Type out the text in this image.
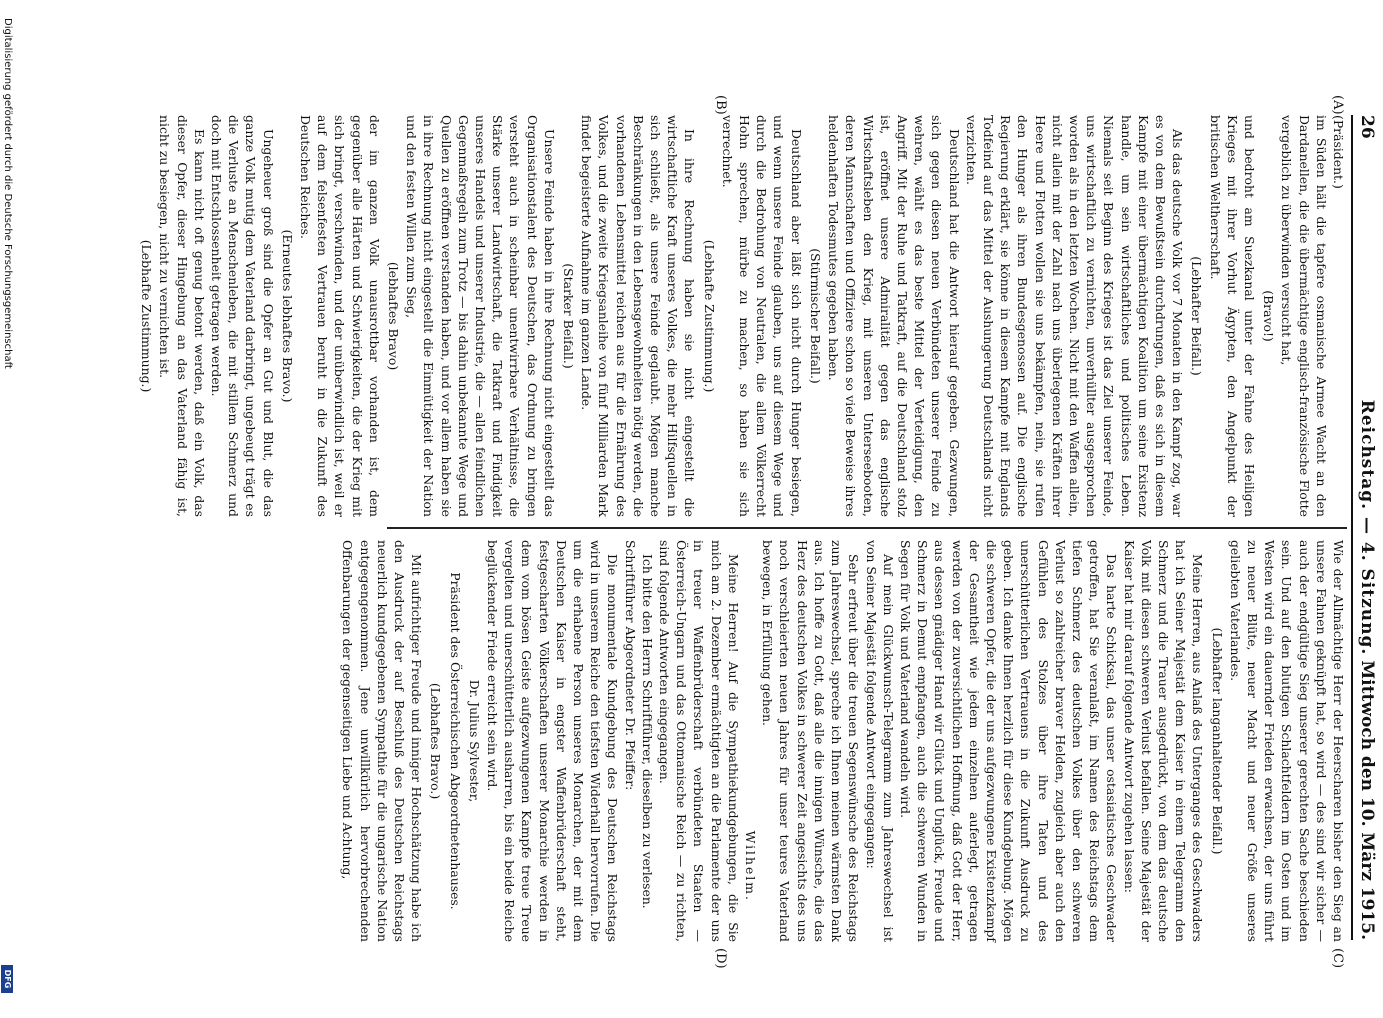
26
Reichstag. — 4. Sitzung.
Mittwoch den 10. März 1915.
(A)
(B)
(C)
(D)

(Präsident.)

im Süden hält die tapfere osmanische Armee Wacht an den Dardanellen, die die übermächtige englisch-französische Flotte vergeblich zu überwinden versucht hat,

(Bravo!)

und bedroht am Suezkanal unter der Fahne des Heiligen Krieges mit ihrer Vorhut Ägypten, den Angelpunkt der britischen Weltherrschaft.

(Lebhafter Beifall.)

Als das deutsche Volk vor 7 Monaten in den Kampf zog, war es von dem Bewußtsein durchdrungen, daß es sich in diesem Kampfe mit einer übermächtigen Koalition um seine Existenz handle, um sein wirtschaftliches und politisches Leben. Niemals seit Beginn des Krieges ist das Ziel unserer Feinde, uns wirtschaftlich zu vernichten, unverhüllter ausgesprochen worden als in den letzten Wochen. Nicht mit den Waffen allein, nicht allein mit der Zahl nach uns überlegenen Kräften ihrer Heere und Flotten wollen sie uns bekämpfen, nein, sie rufen den Hunger als ihren Bundesgenossen auf. Die englische Regierung erklärt, sie könne in diesem Kampfe mit Englands Todfeind auf das Mittel der Aushungerung Deutschlands nicht verzichten.

Deutschland hat die Antwort hierauf gegeben. Gezwungen, sich gegen diesen neuen Verbündeten unserer Feinde zu wehren, wählt es das beste Mittel der Verteidigung, den Angriff. Mit der Ruhe und Tatkraft, auf die Deutschland stolz ist, eröffnet unsere Admiralität gegen das englische Wirtschaftsleben den Krieg, mit unseren Unterseebooten, deren Mannschaften und Offiziere schon so viele Beweise ihres heldenhaften Todesmutes gegeben haben.

(Stürmischer Beifall.)

Deutschland aber läßt sich nicht durch Hunger besiegen, und wenn unsere Feinde glauben, uns auf diesem Wege und durch die Bedrohung von Neutralen, die allem Völkerrecht Hohn sprechen, mürbe zu machen, so haben sie sich verrechnet.

(Lebhafte Zustimmung.)

In ihre Rechnung haben sie nicht eingestellt die wirtschaftliche Kraft unseres Volkes, die mehr Hilfsquellen in sich schließt, als unsere Feinde geglaubt. Mögen manche Beschränkungen in den Lebensgewohnheiten nötig werden, die vorhandenen Lebensmittel reichen aus für die Ernährung des Volkes, und die zweite Kriegsanleihe von fünf Milliarden Mark findet begeisterte Aufnahme im ganzen Lande.

(Starker Beifall.)

Unsere Feinde haben in ihre Rechnung nicht eingestellt das Organisationstalent des Deutschen, das Ordnung zu bringen versteht auch in scheinbar unentwirrbare Verhältnisse, die Stärke unserer Landwirtschaft, die Tatkraft und Findigkeit unseres Handels und unserer Industrie, die — allen feindlichen Gegenmaßregeln zum Trotz — bis dahin unbekannte Wege und Quellen zu eröffnen verstanden haben, und vor allem haben sie in ihre Rechnung nicht eingestellt die Einmütigkeit der Nation und den festen Willen zum Sieg,

(lebhaftes Bravo)

der im ganzen Volk unausrottbar vorhanden ist, dem gegenüber alle Härten und Schwierigkeiten, die der Krieg mit sich bringt, verschwinden, und der unüberwindlich ist, weil er auf dem felsenfesten Vertrauen beruht in die Zukunft des Deutschen Reiches.

(Erneutes lebhaftes Bravo.)

Ungeheuer groß sind die Opfer an Gut und Blut, die das ganze Volk mutig dem Vaterland darbringt, ungebeugt trägt es die Verluste an Menschenleben, die mit stillem Schmerz und doch mit Entschlossenheit getragen werden.

Es kann nicht oft genug betont werden, daß ein Volk, das dieser Opfer, dieser Hingebung an das Vaterland fähig ist, nicht zu besiegen, nicht zu vernichten ist.

(Lebhafte Zustimmung.)

Wie der Allmächtige Herr der Heerscharen bisher den Sieg an unsere Fahnen geknüpft hat, so wird — des sind wir sicher — auch der endgültige Sieg unserer gerechten Sache beschieden sein. Und auf den blutigen Schlachtfeldern im Osten und im Westen wird ein dauernder Frieden erwachsen, der uns führt zu neuer Blüte, neuer Macht und neuer Größe unseres geliebten Vaterlandes.

(Lebhafter langanhaltender Beifall.)

Meine Herren, aus Anlaß des Unterganges des Geschwaders hat ich Seiner Majestät dem Kaiser in einem Telegramm den Schmerz und die Trauer ausgedrückt, von dem das deutsche Volk mit diesen schweren Verlust befallen. Seine Majestät der Kaiser hat mir darauf folgende Antwort zugehen lassen:

Das harte Schicksal, das unser ostasiatisches Geschwader getroffen, hat Sie veranlaßt, im Namen des Reichstags dem tiefen Schmerz des deutschen Volkes über den schweren Verlust so zahlreicher braver Helden, zugleich aber auch den Gefühlen des Stolzes über ihre Taten und des unerschütterlichen Vertrauens in die Zukunft Ausdruck zu geben. Ich danke Ihnen herzlich für diese Kundgebung. Mögen die schweren Opfer, die der uns aufgezwungene Existenzkampf der Gesamtheit wie jedem einzelnen auferlegt, getragen werden von der zuversichtlichen Hoffnung, daß Gott der Herr, aus dessen gnädiger Hand wir Glück und Unglück, Freude und Schmerz in Demut empfangen, auch die schweren Wunden in Segen für Volk und Vaterland wandeln wird.

Auf mein Glückwunsch-Telegramm zum Jahreswechsel ist von Seiner Majestät folgende Antwort eingegangen:

Sehr erfreut über die treuen Segenswünsche des Reichstags zum Jahreswechsel, spreche ich Ihnen meinen wärmsten Dank aus. Ich hoffe zu Gott, daß alle die innigen Wünsche, die das Herz des deutschen Volkes in schwerer Zeit angesichts des uns noch verschleierten neuen Jahres für unser teures Vaterland bewegen, in Erfüllung gehen.

Wilhelm.

Meine Herren! Auf die Sympathiekundgebungen, die Sie mich am 2. Dezember ermächtigten an die Parlamente der uns in treuer Waffenbrüderschaft verbündeten Staaten — Österreich-Ungarn und das Ottomanische Reich — zu richten, sind folgende Antworten eingegangen.

Ich bitte den Herrn Schriftführer, dieselben zu verlesen.

Schriftführer Abgeordneter Dr. Pfeiffer:

Die monumentale Kundgebung des Deutschen Reichstags wird in unserem Reiche den tiefsten Widerhall hervorrufen. Die um die erhabene Person unseres Monarchen, der mit dem Deutschen Kaiser in engster Waffenbrüderschaft steht, festgescharten Völkerschaften unserer Monarchie werden in dem vom bösen Geiste aufgezwungenen Kampfe treue Treue vergelten und unerschütterlich ausharren, bis ein beide Reiche beglückender Friede erreicht sein wird.

Dr. Julius Sylvester,

Präsident des Österreichischen Abgeordnetenhauses.

(Lebhaftes Bravo.)

Mit aufrichtiger Freude und inniger Hochschätzung habe ich den Ausdruck der auf Beschluß des Deutschen Reichstags neuerlich kundgegebenen Sympathie für die ungarische Nation entgegengenommen. Jene unwillkürlich hervorbrechenden Offenbarungen der gegenseitigen Liebe und Achtung,

Digitalisierung gefördert durch die Deutsche Forschungsgemeinschaft
DFG
